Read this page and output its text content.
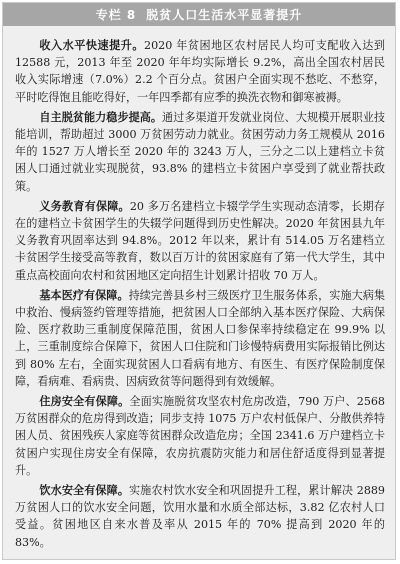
专栏 8 脱贫人口生活水平显著提升

收入水平快速提升。2020 年贫困地区农村居民人均可支配收入达到 12588 元，2013 年至 2020 年年均实际增长 9.2%，高出全国农村居民收入实际增速（7.0%）2.2 个百分点。贫困户全面实现不愁吃、不愁穿，平时吃得饱且能吃得好，一年四季都有应季的换洗衣物和御寒被褥。

自主脱贫能力稳步提高。通过多渠道开发就业岗位、大规模开展职业技能培训，帮助超过 3000 万贫困劳动力就业。贫困劳动力务工规模从 2016 年的 1527 万人增长至 2020 年的 3243 万人，三分之二以上建档立卡贫困人口通过就业实现脱贫，93.8% 的建档立卡贫困户享受到了就业帮扶政策。

义务教育有保障。20 多万名建档立卡辍学学生实现动态清零，长期存在的建档立卡贫困学生的失辍学问题得到历史性解决。2020 年贫困县九年义务教育巩固率达到 94.8%。2012 年以来，累计有 514.05 万名建档立卡贫困学生接受高等教育，数以百万计的贫困家庭有了第一代大学生，其中重点高校面向农村和贫困地区定向招生计划累计招收 70 万人。

基本医疗有保障。持续完善县乡村三级医疗卫生服务体系，实施大病集中救治、慢病签约管理等措施，把贫困人口全部纳入基本医疗保险、大病保险、医疗救助三重制度保障范围，贫困人口参保率持续稳定在 99.9% 以上，三重制度综合保障下，贫困人口住院和门诊慢特病费用实际报销比例达到 80% 左右，全面实现贫困人口看病有地方、有医生、有医疗保险制度保障，看病难、看病贵、因病致贫等问题得到有效缓解。

住房安全有保障。全面实施脱贫攻坚农村危房改造，790 万户、2568 万贫困群众的危房得到改造；同步支持 1075 万户农村低保户、分散供养特困人员、贫困残疾人家庭等贫困群众改造危房；全国 2341.6 万户建档立卡贫困户实现住房安全有保障，农房抗震防灾能力和居住舒适度得到显著提升。

饮水安全有保障。实施农村饮水安全和巩固提升工程，累计解决 2889 万贫困人口的饮水安全问题，饮用水量和水质全部达标，3.82 亿农村人口受益。贫困地区自来水普及率从 2015 年的 70% 提高到 2020 年的 83%。
